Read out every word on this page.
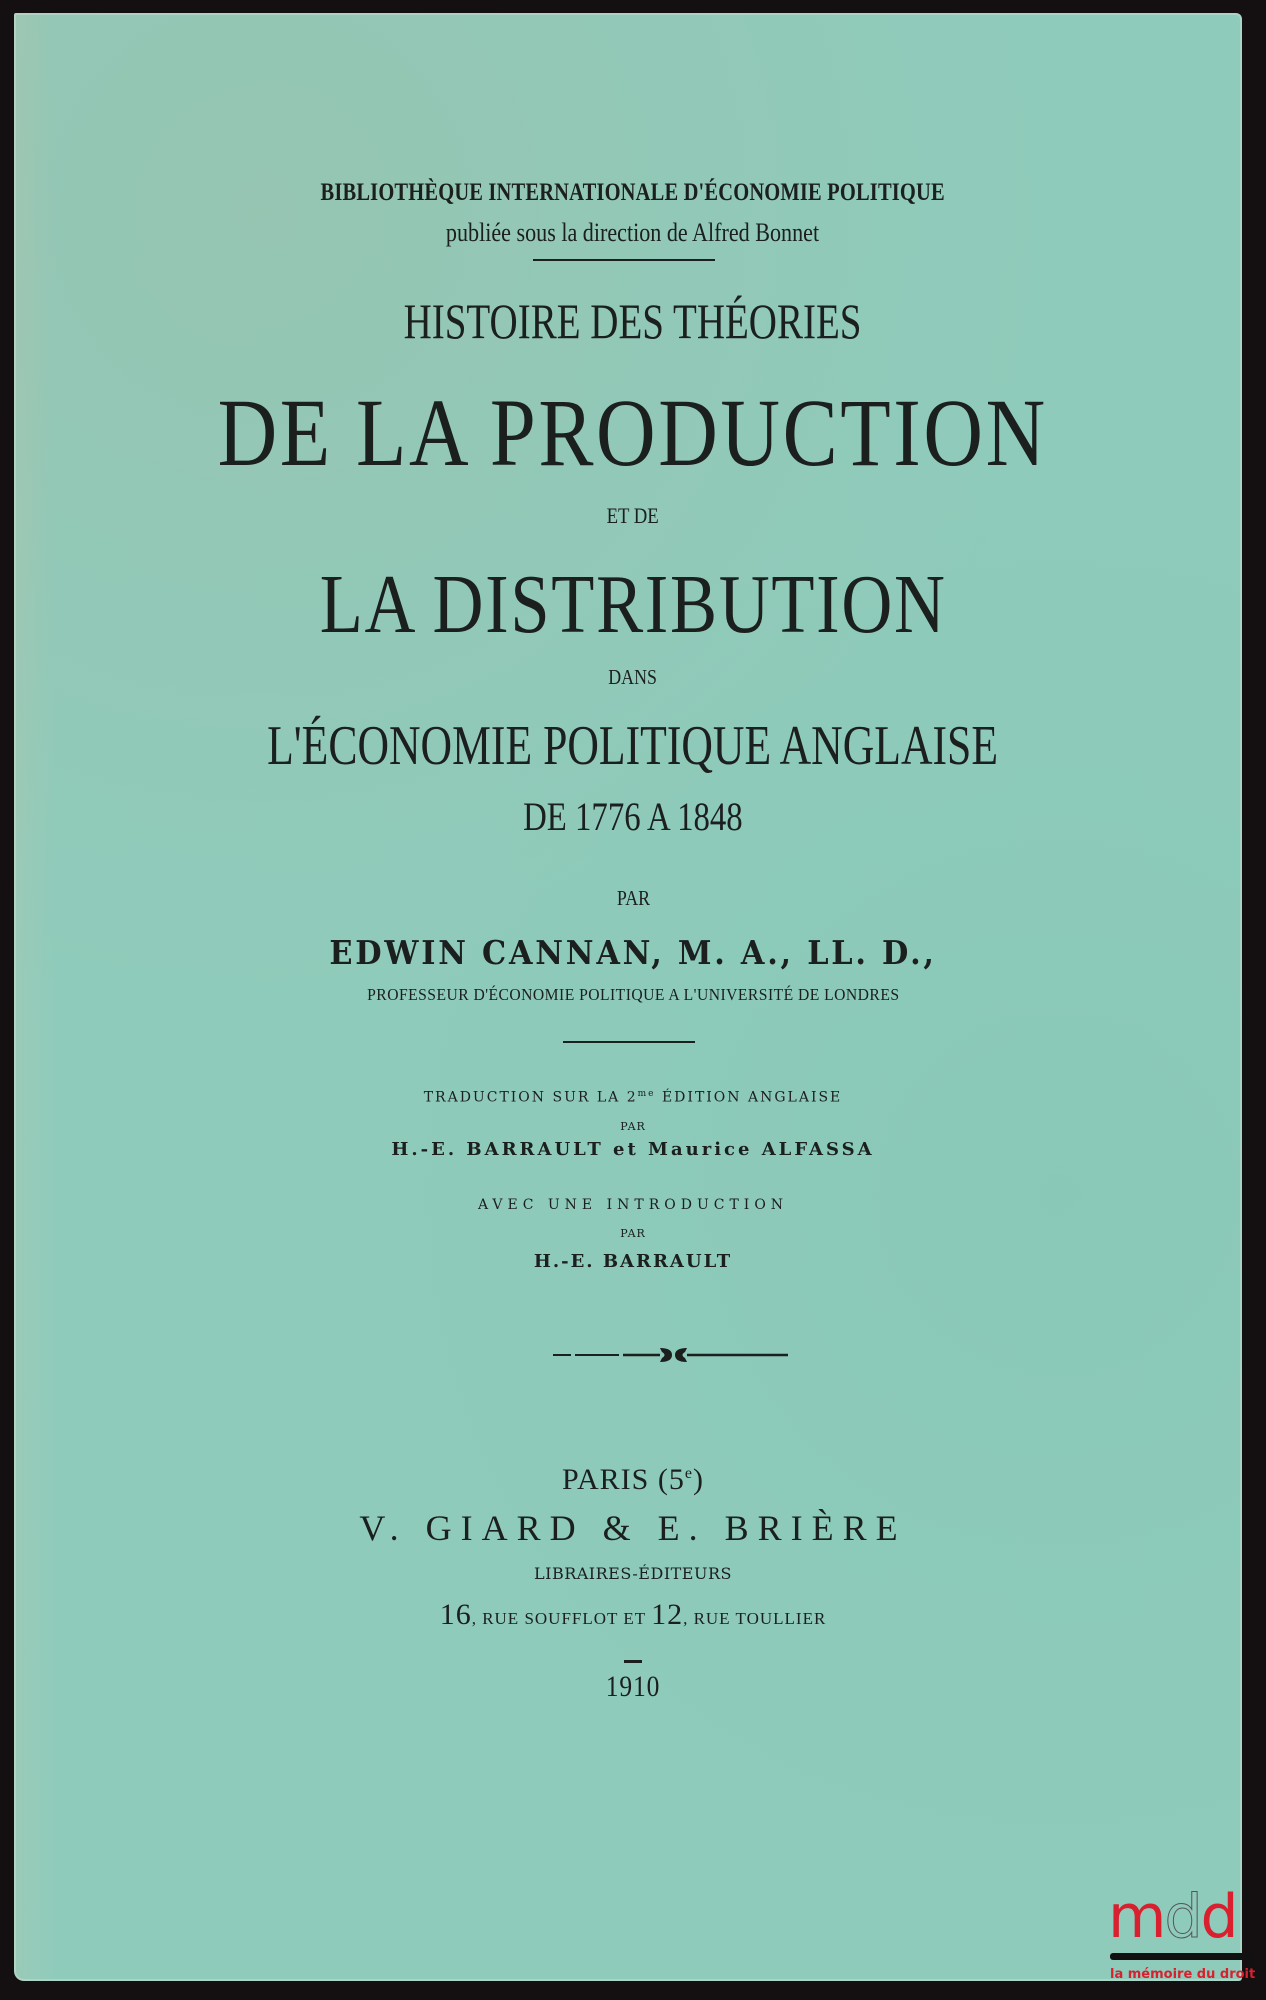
BIBLIOTHÈQUE INTERNATIONALE D'ÉCONOMIE POLITIQUE
publiée sous la direction de Alfred Bonnet
HISTOIRE DES THÉORIES
DE LA PRODUCTION
ET DE
LA DISTRIBUTION
DANS
L'ÉCONOMIE POLITIQUE ANGLAISE
DE 1776 A 1848
PAR
EDWIN CANNAN, M. A., LL. D.,
PROFESSEUR D'ÉCONOMIE POLITIQUE A L'UNIVERSITÉ DE LONDRES
TRADUCTION SUR LA $2^{me}$ ÉDITION ANGLAISE
PAR
H.-E. BARRAULT et Maurice ALFASSA
AVEC UNE INTRODUCTION
PAR
H.-E. BARRAULT
PARIS (5e)
V. GIARD & E. BRIÈRE
LIBRAIRES-ÉDITEURS
16, RUE SOUFFLOT ET 12, RUE TOULLIER
1910
mdd
la mémoire du droit
